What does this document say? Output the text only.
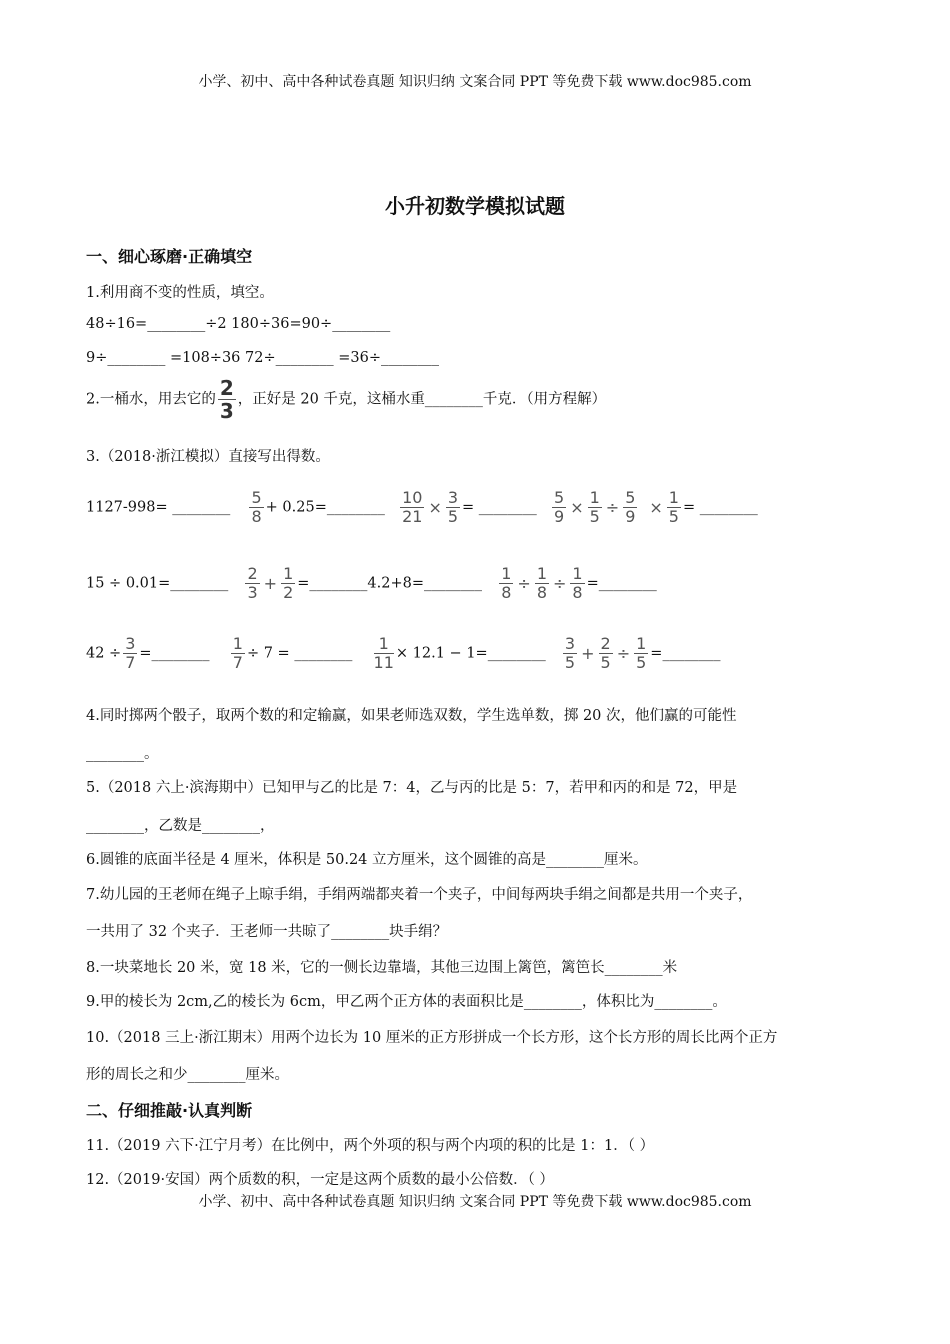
小学、初中、高中各种试卷真题 知识归纳 文案合同 PPT 等免费下载 www.doc985.com
小升初数学模拟试题
一、细心琢磨·正确填空
1.利用商不变的性质，填空。
48÷16=________÷2 180÷36=90÷________
9÷________ =108÷36 72÷________ =36÷________
2.一桶水，用去它的 $\frac{2}{3}$ ，正好是 20 千克，这桶水重________千克．（用方程解）
3.（2018·浙江模拟）直接写出得数。
1127-998= ________ $\frac{5}{8}$ + 0.25=________ $\frac{10}{21} \times \frac{3}{5}$ = ________ $\frac{5}{9} \times \frac{1}{5} \div \frac{5}{9} \times \frac{1}{5}$ = ________
15 ÷ 0.01=________ $\frac{2}{3} + \frac{1}{2}$ =________4.2+8=________ $\frac{1}{8} \div \frac{1}{8} \div \frac{1}{8}$ =________
$42 \div \frac{3}{7}$ =________ $\frac{1}{7} \div 7$ = ________ $\frac{1}{11} \times 12.1$ − 1=________ $\frac{3}{5} + \frac{2}{5} \div \frac{1}{5}$ =________
4.同时掷两个骰子，取两个数的和定输赢，如果老师选双数，学生选单数，掷 20 次，他们赢的可能性
________。
5.（2018 六上·滨海期中）已知甲与乙的比是 7：4，乙与丙的比是 5：7，若甲和丙的和是 72，甲是
________，乙数是________，
6.圆锥的底面半径是 4 厘米，体积是 50.24 立方厘米，这个圆锥的高是________厘米。
7.幼儿园的王老师在绳子上晾手绢，手绢两端都夹着一个夹子，中间每两块手绢之间都是共用一个夹子，
一共用了 32 个夹子．王老师一共晾了________块手绢？
8.一块菜地长 20 米，宽 18 米，它的一侧长边靠墙，其他三边围上篱笆，篱笆长________米
9.甲的棱长为 2cm,乙的棱长为 6cm，甲乙两个正方体的表面积比是________，体积比为________。
10.（2018 三上·浙江期末）用两个边长为 10 厘米的正方形拼成一个长方形，这个长方形的周长比两个正方
形的周长之和少________厘米。
二、仔细推敲·认真判断
11.（2019 六下·江宁月考）在比例中，两个外项的积与两个内项的积的比是 1：1．（ ）
12.（2019·安国）两个质数的积，一定是这两个质数的最小公倍数．（ ）
小学、初中、高中各种试卷真题 知识归纳 文案合同 PPT 等免费下载 www.doc985.com
